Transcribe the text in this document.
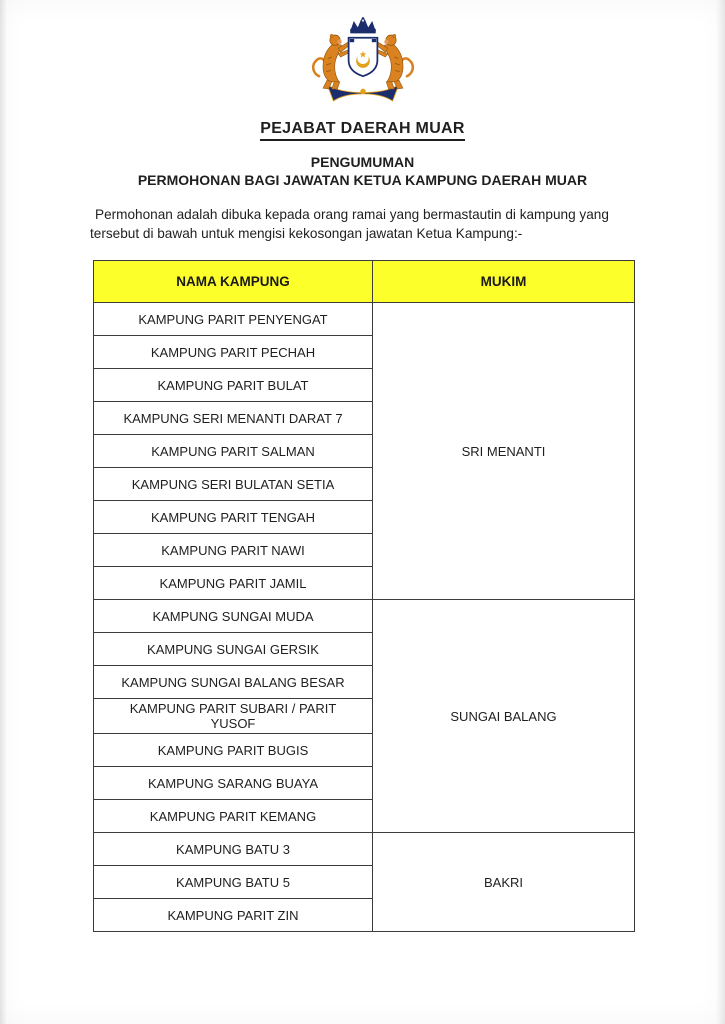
PEJABAT DAERAH MUAR
PENGUMUMAN
PERMOHONAN BAGI JAWATAN KETUA KAMPUNG DAERAH MUAR

Permohonan adalah dibuka kepada orang ramai yang bermastautin di kampung yang tersebut di bawah untuk mengisi kekosongan jawatan Ketua Kampung:-

NAMA KAMPUNG	MUKIM
KAMPUNG PARIT PENYENGAT	SRI MENANTI
KAMPUNG PARIT PECHAH	
KAMPUNG PARIT BULAT	
KAMPUNG SERI MENANTI DARAT 7	
KAMPUNG PARIT SALMAN	
KAMPUNG SERI BULATAN SETIA	
KAMPUNG PARIT TENGAH	
KAMPUNG PARIT NAWI	
KAMPUNG PARIT JAMIL	
KAMPUNG SUNGAI MUDA	SUNGAI BALANG
KAMPUNG SUNGAI GERSIK	
KAMPUNG SUNGAI BALANG BESAR	
KAMPUNG PARIT SUBARI / PARIT YUSOF	
KAMPUNG PARIT BUGIS	
KAMPUNG SARANG BUAYA	
KAMPUNG PARIT KEMANG	
KAMPUNG BATU 3	BAKRI
KAMPUNG BATU 5	
KAMPUNG PARIT ZIN	
